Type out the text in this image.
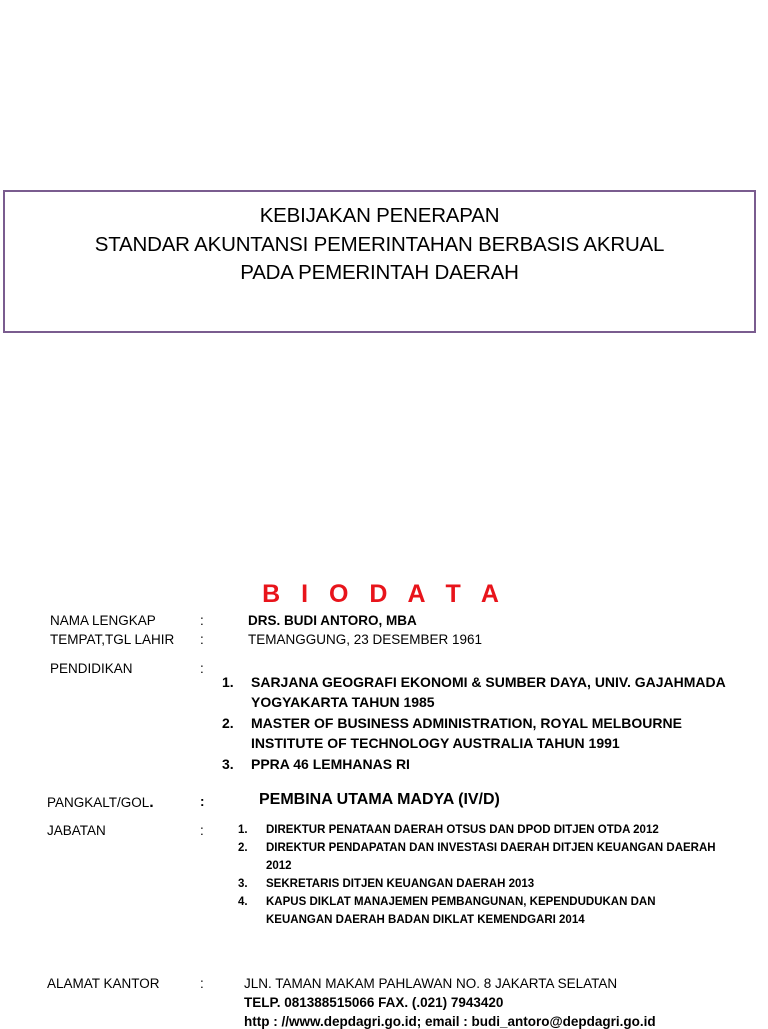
KEBIJAKAN PENERAPAN
STANDAR AKUNTANSI PEMERINTAHAN BERBASIS AKRUAL
PADA PEMERINTAH DAERAH
B I O D A T A
NAMA LENGKAP	:	DRS. BUDI ANTORO, MBA
TEMPAT,TGL LAHIR :	TEMANGGUNG, 23 DESEMBER 1961
PENDIDIKAN	:
1. SARJANA GEOGRAFI EKONOMI & SUMBER DAYA, UNIV. GAJAHMADA
YOGYAKARTA TAHUN 1985
2. MASTER OF BUSINESS ADMINISTRATION, ROYAL MELBOURNE
INSTITUTE OF TECHNOLOGY AUSTRALIA TAHUN 1991
3. PPRA 46 LEMHANAS RI
PANGKALT/GOL.	:	PEMBINA UTAMA MADYA (IV/D)
JABATAN	:	1. DIREKTUR PENATAAN DAERAH OTSUS DAN DPOD DITJEN OTDA 2012
2. DIREKTUR PENDAPATAN DAN INVESTASI DAERAH DITJEN KEUANGAN DAERAH
2012
3. SEKRETARIS DITJEN KEUANGAN DAERAH 2013
4. KAPUS DIKLAT MANAJEMEN PEMBANGUNAN, KEPENDUDUKAN DAN
KEUANGAN DAERAH BADAN DIKLAT KEMENDGARI 2014
ALAMAT KANTOR	:	JLN. TAMAN MAKAM PAHLAWAN NO. 8 JAKARTA SELATAN
TELP. 081388515066 FAX. (.021) 7943420
http : //www.depdagri.go.id; email : budi_antoro@depdagri.go.id
